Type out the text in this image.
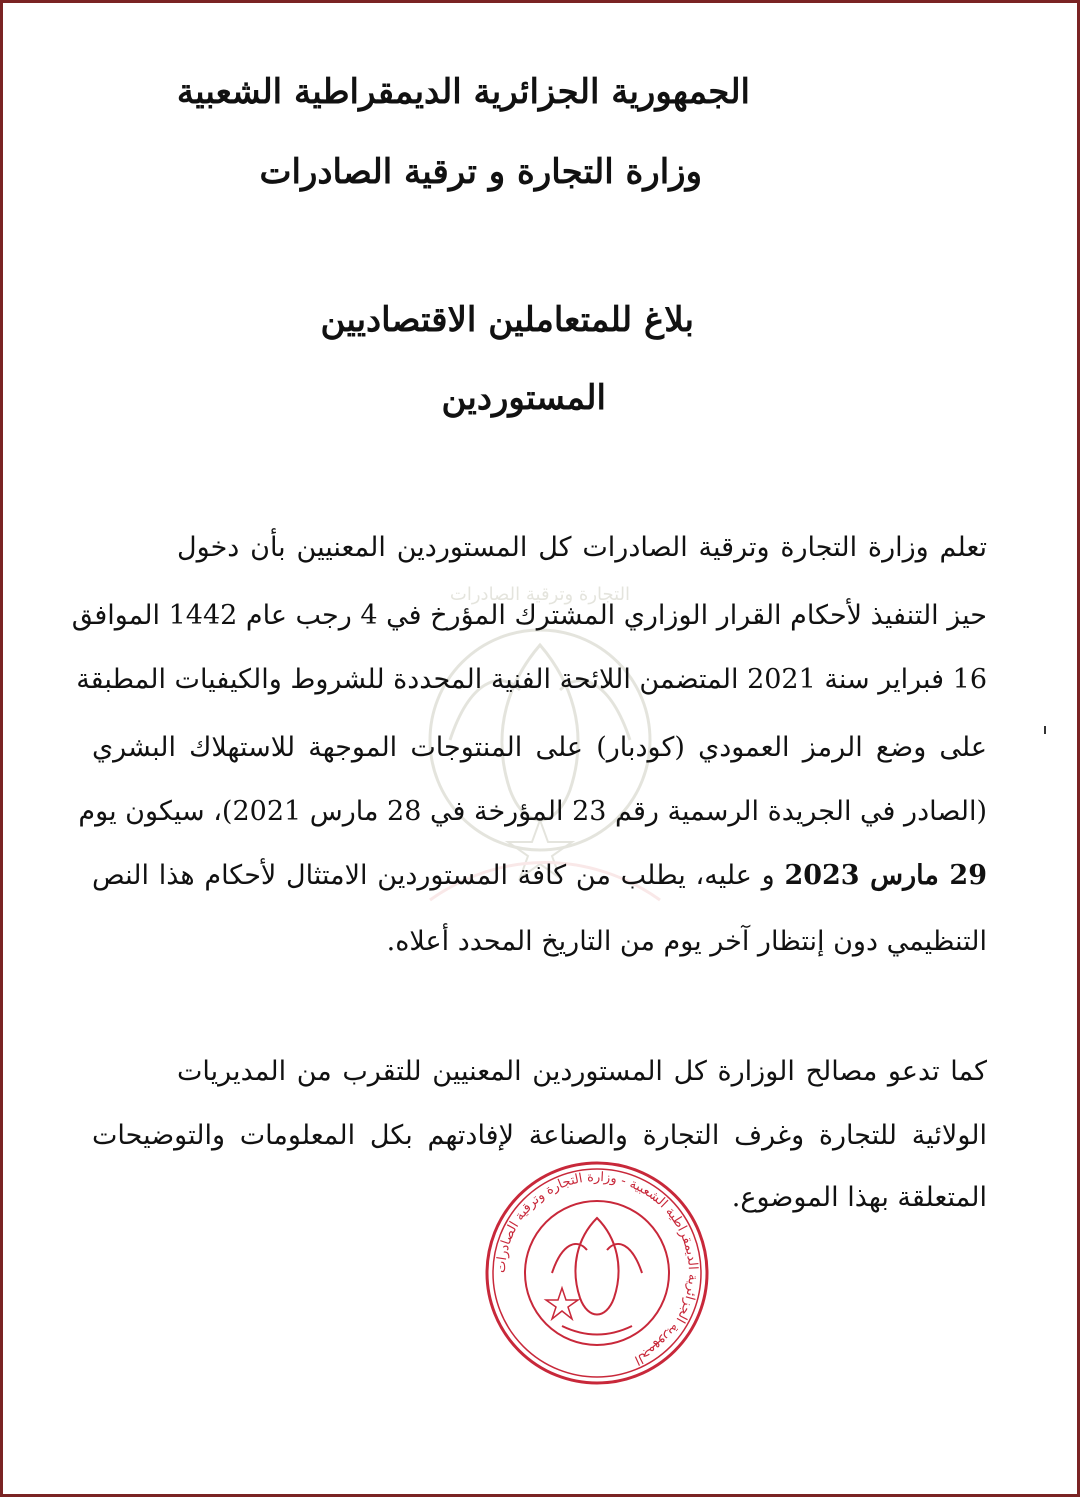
الجمهورية الجزائرية الديمقراطية الشعبية
وزارة التجارة و ترقية الصادرات
بلاغ للمتعاملين الاقتصاديين
المستوردين
التجارة وترقية الصادرات

تعلم وزارة التجارة وترقية الصادرات كل المستوردين المعنيين بأن دخول

حيز التنفيذ لأحكام القرار الوزاري المشترك المؤرخ في 4 رجب عام 1442 الموافق

16 فبراير سنة 2021 المتضمن اللائحة الفنية المحددة للشروط والكيفيات المطبقة

على وضع الرمز العمودي (كودبار) على المنتوجات الموجهة للاستهلاك البشري

(الصادر في الجريدة الرسمية رقم 23 المؤرخة في 28 مارس 2021)، سيكون يوم

29 مارس 2023 و عليه، يطلب من كافة المستوردين الامتثال لأحكام هذا النص

التنظيمي دون إنتظار آخر يوم من التاريخ المحدد أعلاه.

كما تدعو مصالح الوزارة كل المستوردين المعنيين للتقرب من المديريات

الولائية للتجارة وغرف التجارة والصناعة لإفادتهم بكل المعلومات والتوضيحات

المتعلقة بهذا الموضوع.

الجمهورية الجزائرية الديمقراطية الشعبية - وزارة التجارة وترقية الصادرات
